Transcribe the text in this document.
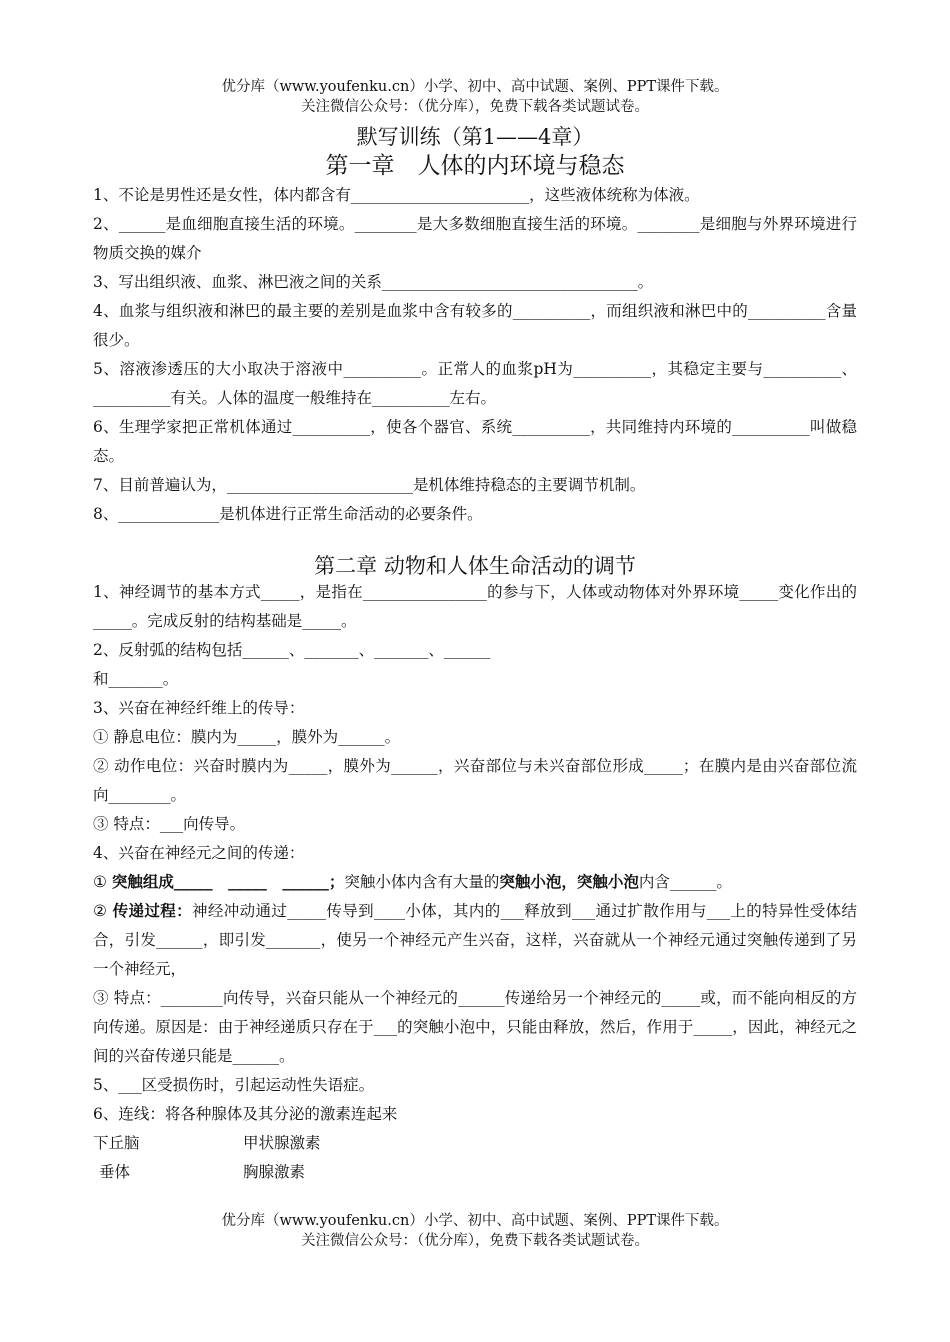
优分库（www.youfenku.cn）小学、初中、高中试题、案例、PPT课件下载。
关注微信公众号：（优分库），免费下载各类试题试卷。
默写训练（第1——4章）
第一章　人体的内环境与稳态

1、不论是男性还是女性，体内都含有_______________________，这些液体统称为体液。

2、______是血细胞直接生活的环境。________是大多数细胞直接生活的环境。________是细胞与外界环境进行物质交换的媒介

3、写出组织液、血浆、淋巴液之间的关系_________________________________。

4、血浆与组织液和淋巴的最主要的差别是血浆中含有较多的__________，而组织液和淋巴中的__________含量很少。

5、溶液渗透压的大小取决于溶液中__________。正常人的血浆pH为__________，其稳定主要与__________、__________有关。人体的温度一般维持在__________左右。

6、生理学家把正常机体通过__________，使各个器官、系统__________，共同维持内环境的__________叫做稳态。

7、目前普遍认为，________________________是机体维持稳态的主要调节机制。

8、_____________是机体进行正常生命活动的必要条件。

第二章 动物和人体生命活动的调节

1、神经调节的基本方式_____，是指在________________的参与下，人体或动物体对外界环境_____变化作出的_____。完成反射的结构基础是_____。

2、反射弧的结构包括______、_______、_______、______

和_______。

3、兴奋在神经纤维上的传导：

① 静息电位：膜内为_____，膜外为______。

② 动作电位：兴奋时膜内为_____，膜外为______，兴奋部位与未兴奋部位形成_____；在膜内是由兴奋部位流向________。

③ 特点：___向传导。

4、兴奋在神经元之间的传递：

① 突触组成_____　_____　______；突触小体内含有大量的突触小泡，突触小泡内含______。

② 传递过程：神经冲动通过_____传导到____小体，其内的___释放到___通过扩散作用与___上的特异性受体结合，引发______，即引发_______，使另一个神经元产生兴奋，这样，兴奋就从一个神经元通过突触传递到了另一个神经元，

③ 特点：________向传导，兴奋只能从一个神经元的______传递给另一个神经元的_____或，而不能向相反的方向传递。原因是：由于神经递质只存在于___的突触小泡中，只能由释放，然后，作用于_____，因此，神经元之间的兴奋传递只能是______。

5、___区受损伤时，引起运动性失语症。

6、连线：将各种腺体及其分泌的激素连起来

下丘脑	甲状腺激素

垂体	胸腺激素

优分库（www.youfenku.cn）小学、初中、高中试题、案例、PPT课件下载。
关注微信公众号：（优分库），免费下载各类试题试卷。
